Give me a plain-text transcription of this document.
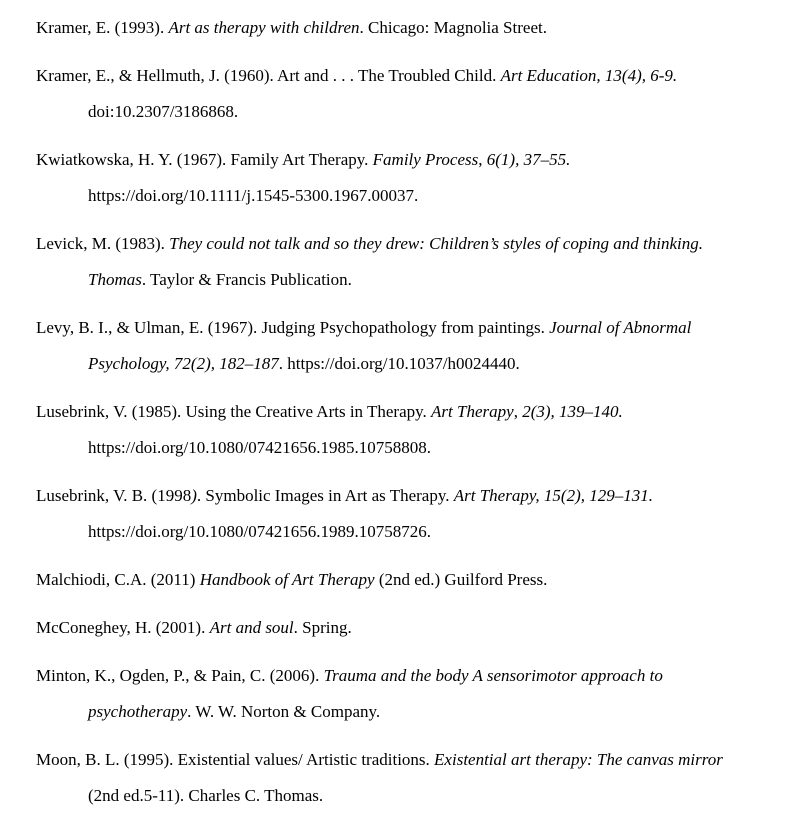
Kramer, E. (1993). Art as therapy with children. Chicago: Magnolia Street.

Kramer, E., & Hellmuth, J. (1960). Art and . . . The Troubled Child. Art Education, 13(4), 6-9.
doi:10.2307/3186868.

Kwiatkowska, H. Y. (1967). Family Art Therapy. Family Process, 6(1), 37–55.
https://doi.org/10.1111/j.1545-5300.1967.00037.

Levick, M. (1983). They could not talk and so they drew: Children’s styles of coping and thinking.
Thomas. Taylor & Francis Publication.

Levy, B. I., & Ulman, E. (1967). Judging Psychopathology from paintings. Journal of Abnormal
Psychology, 72(2), 182–187. https://doi.org/10.1037/h0024440.

Lusebrink, V. (1985). Using the Creative Arts in Therapy. Art Therapy, 2(3), 139–140.
https://doi.org/10.1080/07421656.1985.10758808.

Lusebrink, V. B. (1998). Symbolic Images in Art as Therapy. Art Therapy, 15(2), 129–131.
https://doi.org/10.1080/07421656.1989.10758726.

Malchiodi, C.A. (2011) Handbook of Art Therapy (2nd ed.) Guilford Press.

McConeghey, H. (2001). Art and soul. Spring.

Minton, K., Ogden, P., & Pain, C. (2006). Trauma and the body A sensorimotor approach to
psychotherapy. W. W. Norton & Company.

Moon, B. L. (1995). Existential values/ Artistic traditions. Existential art therapy: The canvas mirror
(2nd ed.5-11). Charles C. Thomas.
